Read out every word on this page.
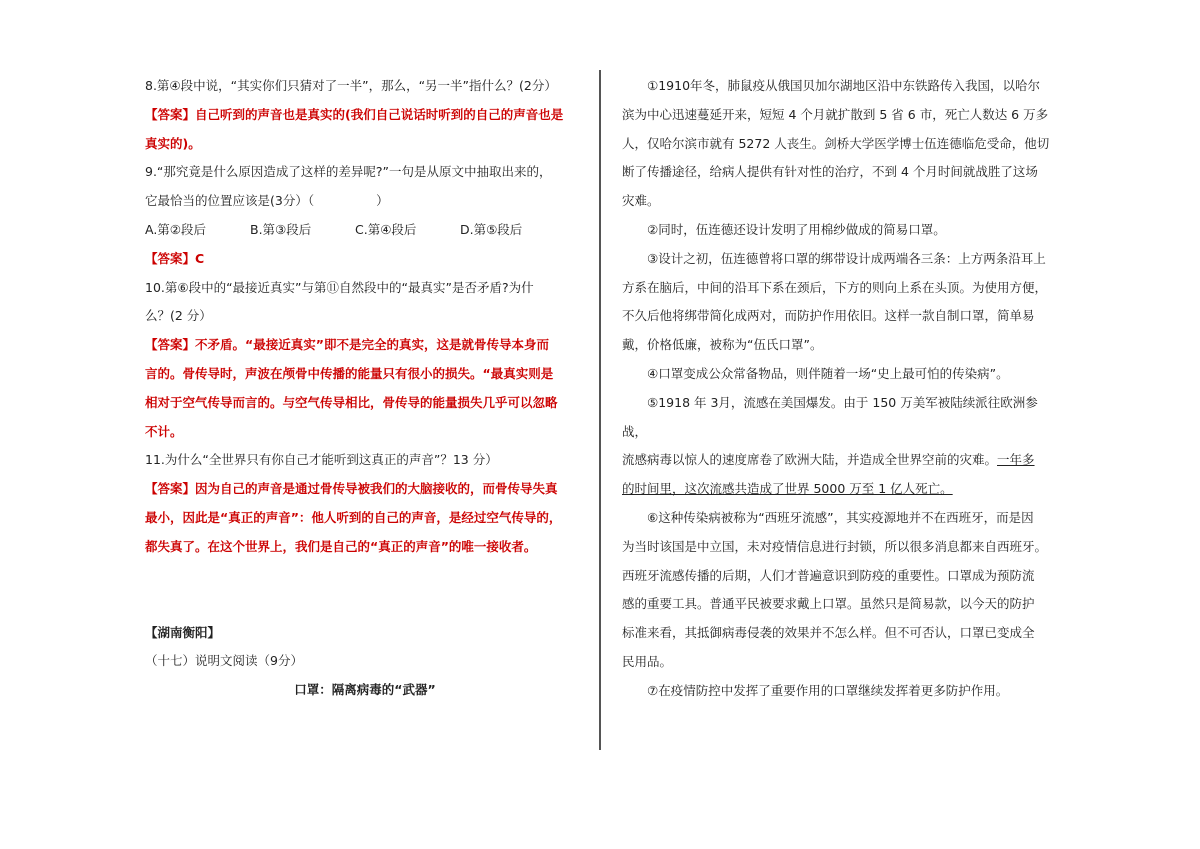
8.第④段中说，“其实你们只猜对了一半”，那么，“另一半”指什么？(2分）

【答案】自己听到的声音也是真实的(我们自己说话时听到的自己的声音也是

真实的)。

9.“那究竟是什么原因造成了这样的差异呢?”一句是从原文中抽取出来的，

它最恰当的位置应该是(3分）（	）

A.第②段后	B.第③段后	C.第④段后	D.第⑤段后

【答案】C

10.第⑥段中的“最接近真实”与第⑪自然段中的“最真实”是否矛盾?为什

么？(2 分）

【答案】不矛盾。“最接近真实”即不是完全的真实，这是就骨传导本身而

言的。骨传导时，声波在颅骨中传播的能量只有很小的损失。“最真实则是

相对于空气传导而言的。与空气传导相比，骨传导的能量损失几乎可以忽略

不计。

11.为什么“全世界只有你自己才能听到这真正的声音”？13 分）

【答案】因为自己的声音是通过骨传导被我们的大脑接收的，而骨传导失真

最小，因此是“真正的声音”：他人听到的自己的声音，是经过空气传导的，

都失真了。在这个世界上，我们是自己的“真正的声音”的唯一接收者。

【湖南衡阳】

（十七）说明文阅读（9分）

口罩：隔离病毒的“武器”

①1910年冬，肺鼠疫从俄国贝加尔湖地区沿中东铁路传入我国，以哈尔

滨为中心迅速蔓延开来，短短 4 个月就扩散到 5 省 6 市，死亡人数达 6 万多

人，仅哈尔滨市就有 5272 人丧生。剑桥大学医学博士伍连德临危受命，他切

断了传播途径，给病人提供有针对性的治疗，不到 4 个月时间就战胜了这场

灾难。

②同时，伍连德还设计发明了用棉纱做成的简易口罩。

③设计之初，伍连德曾将口罩的绑带设计成两端各三条：上方两条沿耳上

方系在脑后，中间的沿耳下系在颈后，下方的则向上系在头顶。为使用方便，

不久后他将绑带简化成两对，而防护作用依旧。这样一款自制口罩，简单易

戴，价格低廉，被称为“伍氏口罩”。

④口罩变成公众常备物品，则伴随着一场“史上最可怕的传染病”。

⑤1918 年 3月，流感在美国爆发。由于 150 万美军被陆续派往欧洲参战，

流感病毒以惊人的速度席卷了欧洲大陆，并造成全世界空前的灾难。一年多

的时间里，这次流感共造成了世界 5000 万至 1 亿人死亡。

⑥这种传染病被称为“西班牙流感”，其实疫源地并不在西班牙，而是因

为当时该国是中立国，未对疫情信息进行封锁，所以很多消息都来自西班牙。

西班牙流感传播的后期，人们才普遍意识到防疫的重要性。口罩成为预防流

感的重要工具。普通平民被要求戴上口罩。虽然只是简易款，以今天的防护

标准来看，其抵御病毒侵袭的效果并不怎么样。但不可否认，口罩已变成全

民用品。

⑦在疫情防控中发挥了重要作用的口罩继续发挥着更多防护作用。
